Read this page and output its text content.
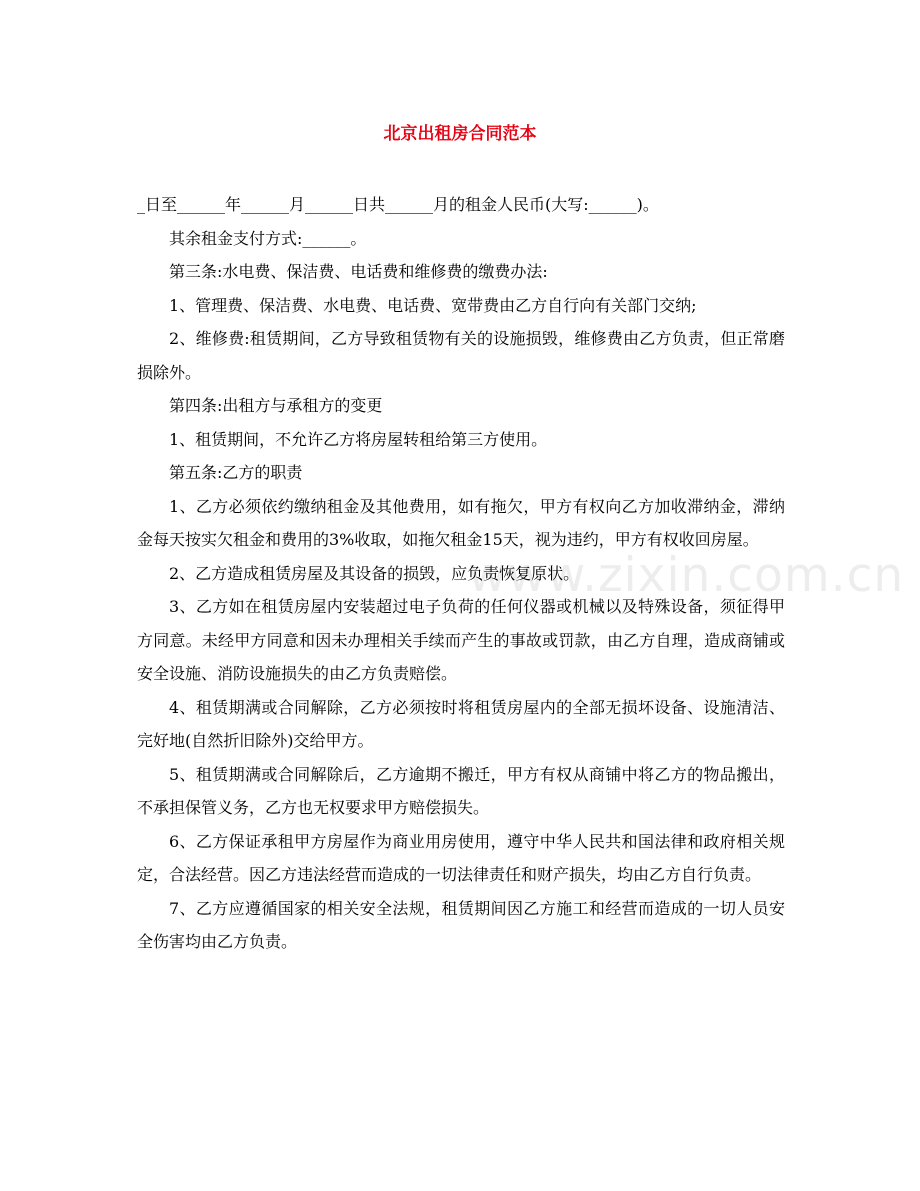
北京出租房合同范本
www.zixin.com.cn

_日至______年______月______日共______月的租金人民币(大写:______)。

其余租金支付方式:______。

第三条:水电费、保洁费、电话费和维修费的缴费办法:

1、管理费、保洁费、水电费、电话费、宽带费由乙方自行向有关部门交纳;

2、维修费:租赁期间，乙方导致租赁物有关的设施损毁，维修费由乙方负责，但正常磨损除外。

第四条:出租方与承租方的变更

1、租赁期间，不允许乙方将房屋转租给第三方使用。

第五条:乙方的职责

1、乙方必须依约缴纳租金及其他费用，如有拖欠，甲方有权向乙方加收滞纳金，滞纳金每天按实欠租金和费用的3%收取，如拖欠租金15天，视为违约，甲方有权收回房屋。

2、乙方造成租赁房屋及其设备的损毁，应负责恢复原状。

3、乙方如在租赁房屋内安装超过电子负荷的任何仪器或机械以及特殊设备，须征得甲方同意。未经甲方同意和因未办理相关手续而产生的事故或罚款，由乙方自理，造成商铺或安全设施、消防设施损失的由乙方负责赔偿。

4、租赁期满或合同解除，乙方必须按时将租赁房屋内的全部无损坏设备、设施清洁、完好地(自然折旧除外)交给甲方。

5、租赁期满或合同解除后，乙方逾期不搬迁，甲方有权从商铺中将乙方的物品搬出，不承担保管义务，乙方也无权要求甲方赔偿损失。

6、乙方保证承租甲方房屋作为商业用房使用，遵守中华人民共和国法律和政府相关规定，合法经营。因乙方违法经营而造成的一切法律责任和财产损失，均由乙方自行负责。

7、乙方应遵循国家的相关安全法规，租赁期间因乙方施工和经营而造成的一切人员安全伤害均由乙方负责。
